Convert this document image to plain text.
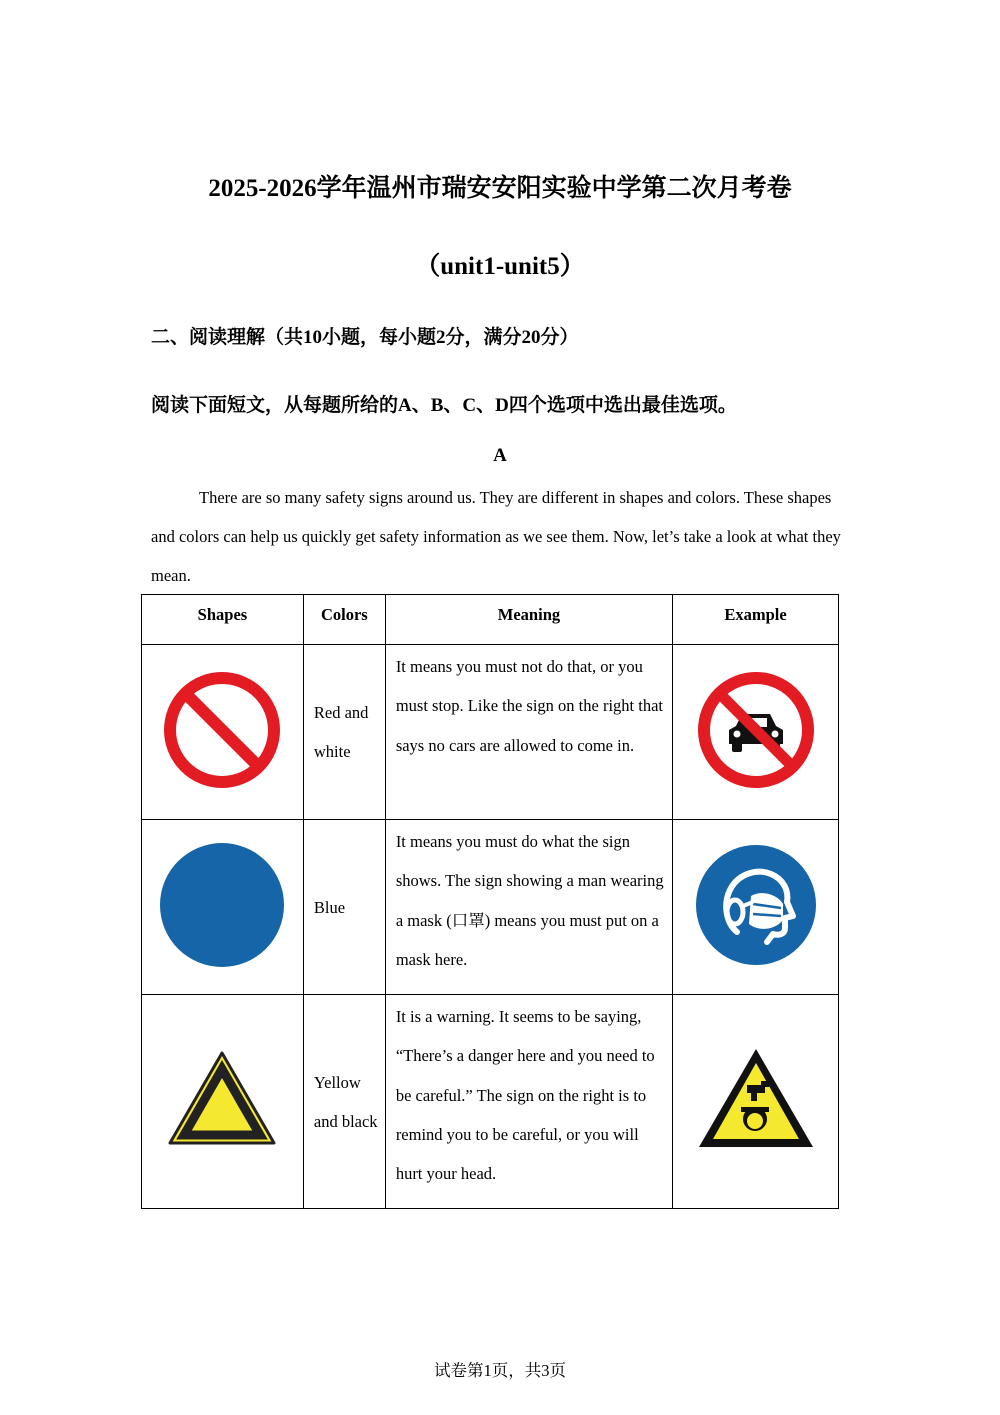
2025-2026学年温州市瑞安安阳实验中学第二次月考卷
（unit1-unit5）
二、阅读理解（共10小题，每小题2分，满分20分）
阅读下面短文，从每题所给的A、B、C、D四个选项中选出最佳选项。
A

There are so many safety signs around us. They are different in shapes and colors. These shapes and colors can help us quickly get safety information as we see them. Now, let’s take a look at what they mean.

Shapes	Colors	Meaning	Example
	Red and white	It means you must not do that, or you must stop. Like the sign on the right that says no cars are allowed to come in.	
	Blue	It means you must do what the sign shows. The sign showing a man wearing a mask (口罩) means you must put on a mask here.	
	Yellow and black	It is a warning. It seems to be saying, “There’s a danger here and you need to be careful.” The sign on the right is to remind you to be careful, or you will hurt your head.	
试卷第1页，共3页
